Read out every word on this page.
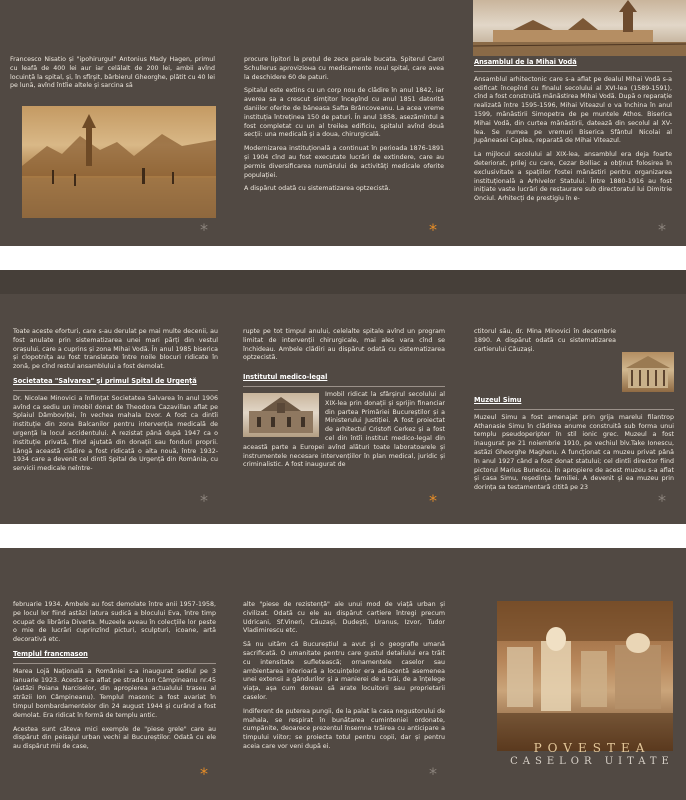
Francesco Nisatio și "ipohirurgul" Antonius Mady Hagen, primul cu leafă de 400 lei aur iar celălalt de 200 lei, ambii avînd locuință la spital, și, în sfîrșit, bărbierul Gheorghe, plătit cu 40 lei pe lună, avînd întîie altele și sarcina să

procure lipitori la prețul de zece parale bucata. Spiterul Carol Schullerus aprovizioна cu medicamente noul spital, care avea la deschidere 60 de paturi.

Spitalul este extins cu un corp nou de clădire în anul 1842, iar averea sa a crescut simțitor începînd cu anul 1851 datorită daniilor oferite de băneasa Safta Brâncoveanu. La acea vreme instituția întreținea 150 de paturi. În anul 1858, asezămîntul a fost completat cu un al treilea edificiu, spitalul avînd două secții: una medicală și a doua, chirurgicală.

Modernizarea instituțională a continuat în perioada 1876-1891 și 1904 cînd au fost executate lucrări de extindere, care au permis diversificarea numărului de activități medicale oferite populației.

A dispărut odată cu sistematizarea optzecistă.

Ansamblul de la Mihai Vodă

Ansamblul arhitectonic care s-a aflat pe dealul Mihai Vodă s-a edificat începînd cu finalul secolului al XVI-lea (1589-1591), cînd a fost construită mănăstirea Mihai Vodă. După o reparație realizată între 1595-1596, Mihai Viteazul o va închina în anul 1599, mănăstirii Simopetra de pe muntele Athos. Biserica Mihai Vodă, din curtea mănăstirii, datează din secolul al XV-lea. Se numea pe vremuri Biserica Sfântul Nicolai al Jupâneasei Caplea, reparată de Mihai Viteazul.

La mijlocul secolului al XIX-lea, ansamblul era deja foarte deteriorat, prilej cu care, Cezar Bolliac a obținut folosirea în exclusivitate a spațiilor fostei mănăstiri pentru organizarea instituțională a Arhivelor Statului. Între 1880-1916 au fost inițiate vaste lucrări de restaurare sub directoratul lui Dimitrie Onciul. Arhitecți de prestigiu în e-

*	*	*

Toate aceste eforturi, care s-au derulat pe mai multe decenii, au fost anulate prin sistematizarea unei mari părți din vestul orașului, care a cuprins și zona Mihai Vodă. În anul 1985 biserica și clopotnița au fost translatate între noile blocuri ridicate în zonă, pe cînd restul ansamblului a fost demolat.

Societatea "Salvarea" și primul Spital de Urgență

Dr. Nicolae Minovici a înființat Societatea Salvarea în anul 1906 avînd ca sediu un imobil donat de Theodora Cazavillan aflat pe Splaiul Dâmboviței, în vechea mahala Izvor. A fost ca dintîi instituție din zona Balcanilor pentru intervenția medicală de urgență la locul accidentului. A rezistat până după 1947 ca o instituție privată, fiind ajutată din donații sau fonduri proprii. Lângă această clădire a fost ridicată o alta nouă, între 1932-1934 care a devenit cel dintîi Spital de Urgență din România, cu servicii medicale neîntre-

rupte pe tot timpul anului, celelalte spitale avînd un program limitat de intervenții chirurgicale, mai ales vara cînd se închideau. Ambele clădiri au dispărut odată cu sistematizarea optzecistă.

Institutul medico-legal

Imobil ridicat la sfârșirul secolului al XIX-lea prin donații și sprijin financiar din partea Primăriei Bucureștilor și a Ministerului Justiției. A fost proiectat de arhitectul Cristofi Cerkez și a fost cel din întîi institut medico-legal din această parte a Europei avînd alături toate laboratoarele și instrumentele necesare intervențiilor în plan medical, juridic și criminalistic. A fost inaugurat de

ctitorul său, dr. Mina Minovici în decembrie 1890. A dispărut odată cu sistematizarea cartierului Căuzași.

Muzeul Simu

Muzeul Simu a fost amenajat prin grija marelui filantrop Athanasie Simu în clădirea anume construită sub forma unui templu pseudoperipter în stil ionic grec. Muzeul a fost inaugurat pe 21 noiembrie 1910, pe vechiul blv.Take Ionescu, astăzi Gheorghe Magheru. A funcționat ca muzeu privat până în anul 1927 când a fost donat statului; cel dintîi director fiind pictorul Marius Bunescu. În apropiere de acest muzeu s-a aflat și casa Simu, reședința familiei. A devenit și ea muzeu prin dorința sa testamentară citită pe 23

*	*	*

februarie 1934. Ambele au fost demolate între anii 1957-1958, pe locul lor fiind astăzi latura sudică a blocului Eva, între timp ocupat de librăria Diverta. Muzeele aveau în colecțiile lor peste o mie de lucrări cuprinzînd picturi, sculpturi, icoane, artă decorativă etc.

Templul francmason

Marea Lojă Națională a României s-a inaugurat sediul pe 3 ianuarie 1923. Acesta s-a aflat pe strada Ion Câmpineanu nr.45 (astăzi Poiana Narciselor, din apropierea actualului traseu al străzii Ion Câmpineanu). Templul masonic a fost avariat în timpul bombardamentelor din 24 august 1944 și curând a fost demolat. Era ridicat în formă de templu antic.

Acestea sunt câteva mici exemple de "piese grele" care au dispărut din peisajul urban vechi al Bucureștilor. Odată cu ele au dispărut mii de case,

alte "piese de rezistență" ale unui mod de viață urban și civilizat. Odată cu ele au dispărut cartiere întregi precum Udricani, Sf.Vineri, Căuzași, Dudești, Uranus, Izvor, Tudor Vladimirescu etc.

Să nu uităm că Bucureștiul a avut și o geografie umană sacrificată. O umanitate pentru care gustul detaliului era trăit cu intensitate sufletească; ornamentele caselor sau ambientarea interioară a locuințelor era adiacentă asemenea unei extensii a gândurilor și a manierei de a trăi, de a înțelege viața, așa cum doreau să arate locuitorii sau proprietarii caselor.

Indiferent de puterea pungii, de la palat la casa negustorului de mahala, se respirat în bunătarea cuminteniei ordonate, cumpănite, deoarece prezentul însemna trăirea cu anticipare a timpului viitor; se proiecta totul pentru copii, dar și pentru aceia care vor veni după ei.	POVESTEA
CASELOR UITATE
*	*
